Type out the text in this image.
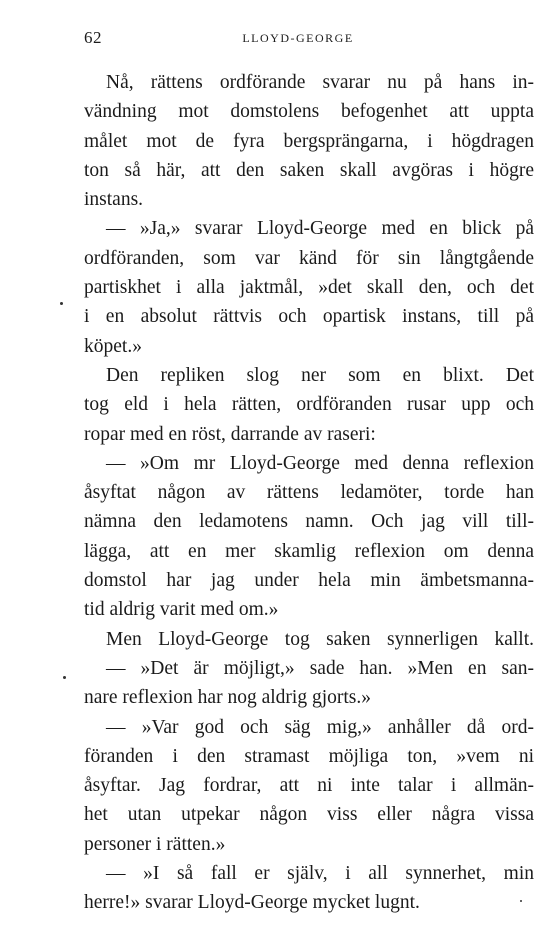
62	LLOYD-GEORGE
Nå, rättens ordförande svarar nu på hans in-
vändning mot domstolens befogenhet att uppta
målet mot de fyra bergsprängarna, i högdragen
ton så här, att den saken skall avgöras i högre
instans.
— »Ja,» svarar Lloyd-George med en blick på
ordföranden, som var känd för sin långtgående
partiskhet i alla jaktmål, »det skall den, och det
i en absolut rättvis och opartisk instans, till på
köpet.»
Den repliken slog ner som en blixt. Det
tog eld i hela rätten, ordföranden rusar upp och
ropar med en röst, darrande av raseri:
— »Om mr Lloyd-George med denna reflexion
åsyftat någon av rättens ledamöter, torde han
nämna den ledamotens namn. Och jag vill till-
lägga, att en mer skamlig reflexion om denna
domstol har jag under hela min ämbetsmanna-
tid aldrig varit med om.»
Men Lloyd-George tog saken synnerligen kallt.
— »Det är möjligt,» sade han. »Men en san-
nare reflexion har nog aldrig gjorts.»
— »Var god och säg mig,» anhåller då ord-
föranden i den stramast möjliga ton, »vem ni
åsyftar. Jag fordrar, att ni inte talar i allmän-
het utan utpekar någon viss eller några vissa
personer i rätten.»
— »I så fall er själv, i all synnerhet, min
herre!» svarar Lloyd-George mycket lugnt.
